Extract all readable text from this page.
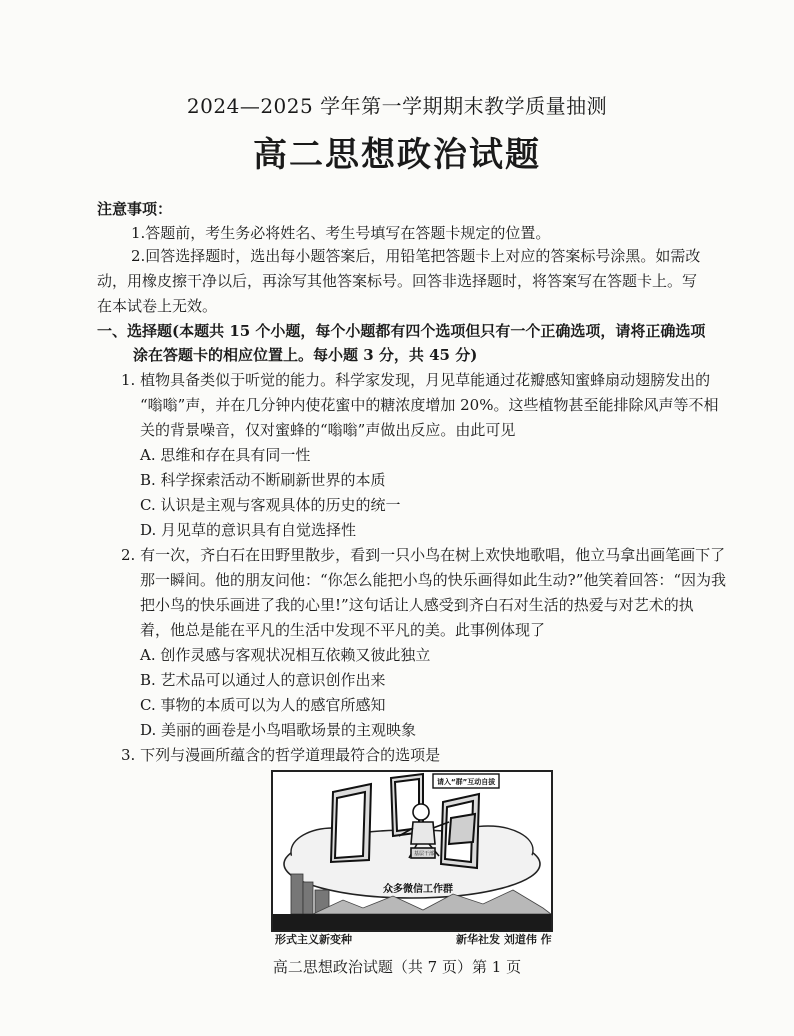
2024—2025 学年第一学期期末教学质量抽测
高二思想政治试题
注意事项：
1.答题前，考生务必将姓名、考生号填写在答题卡规定的位置。
2.回答选择题时，选出每小题答案后，用铅笔把答题卡上对应的答案标号涂黑。如需改
动，用橡皮擦干净以后，再涂写其他答案标号。回答非选择题时，将答案写在答题卡上。写
在本试卷上无效。
一、选择题(本题共 15 个小题，每个小题都有四个选项但只有一个正确选项，请将正确选项
涂在答题卡的相应位置上。每小题 3 分，共 45 分)
1. 植物具备类似于听觉的能力。科学家发现，月见草能通过花瓣感知蜜蜂扇动翅膀发出的
“嗡嗡”声，并在几分钟内使花蜜中的糖浓度增加 20%。这些植物甚至能排除风声等不相
关的背景噪音，仅对蜜蜂的“嗡嗡”声做出反应。由此可见
A. 思维和存在具有同一性
B. 科学探索活动不断刷新世界的本质
C. 认识是主观与客观具体的历史的统一
D. 月见草的意识具有自觉选择性
2. 有一次，齐白石在田野里散步，看到一只小鸟在树上欢快地歌唱，他立马拿出画笔画下了
那一瞬间。他的朋友问他：“你怎么能把小鸟的快乐画得如此生动?”他笑着回答：“因为我
把小鸟的快乐画进了我的心里!”这句话让人感受到齐白石对生活的热爱与对艺术的执
着，他总是能在平凡的生活中发现不平凡的美。此事例体现了
A. 创作灵感与客观状况相互依赖又彼此独立
B. 艺术品可以通过人的意识创作出来
C. 事物的本质可以为人的感官所感知
D. 美丽的画卷是小鸟唱歌场景的主观映象
3. 下列与漫画所蕴含的哲学道理最符合的选项是
基层干部
请入“群”互动自拔
众多微信工作群
形式主义新变种	新华社发 刘道伟 作
高二思想政治试题（共 7 页）第 1 页
